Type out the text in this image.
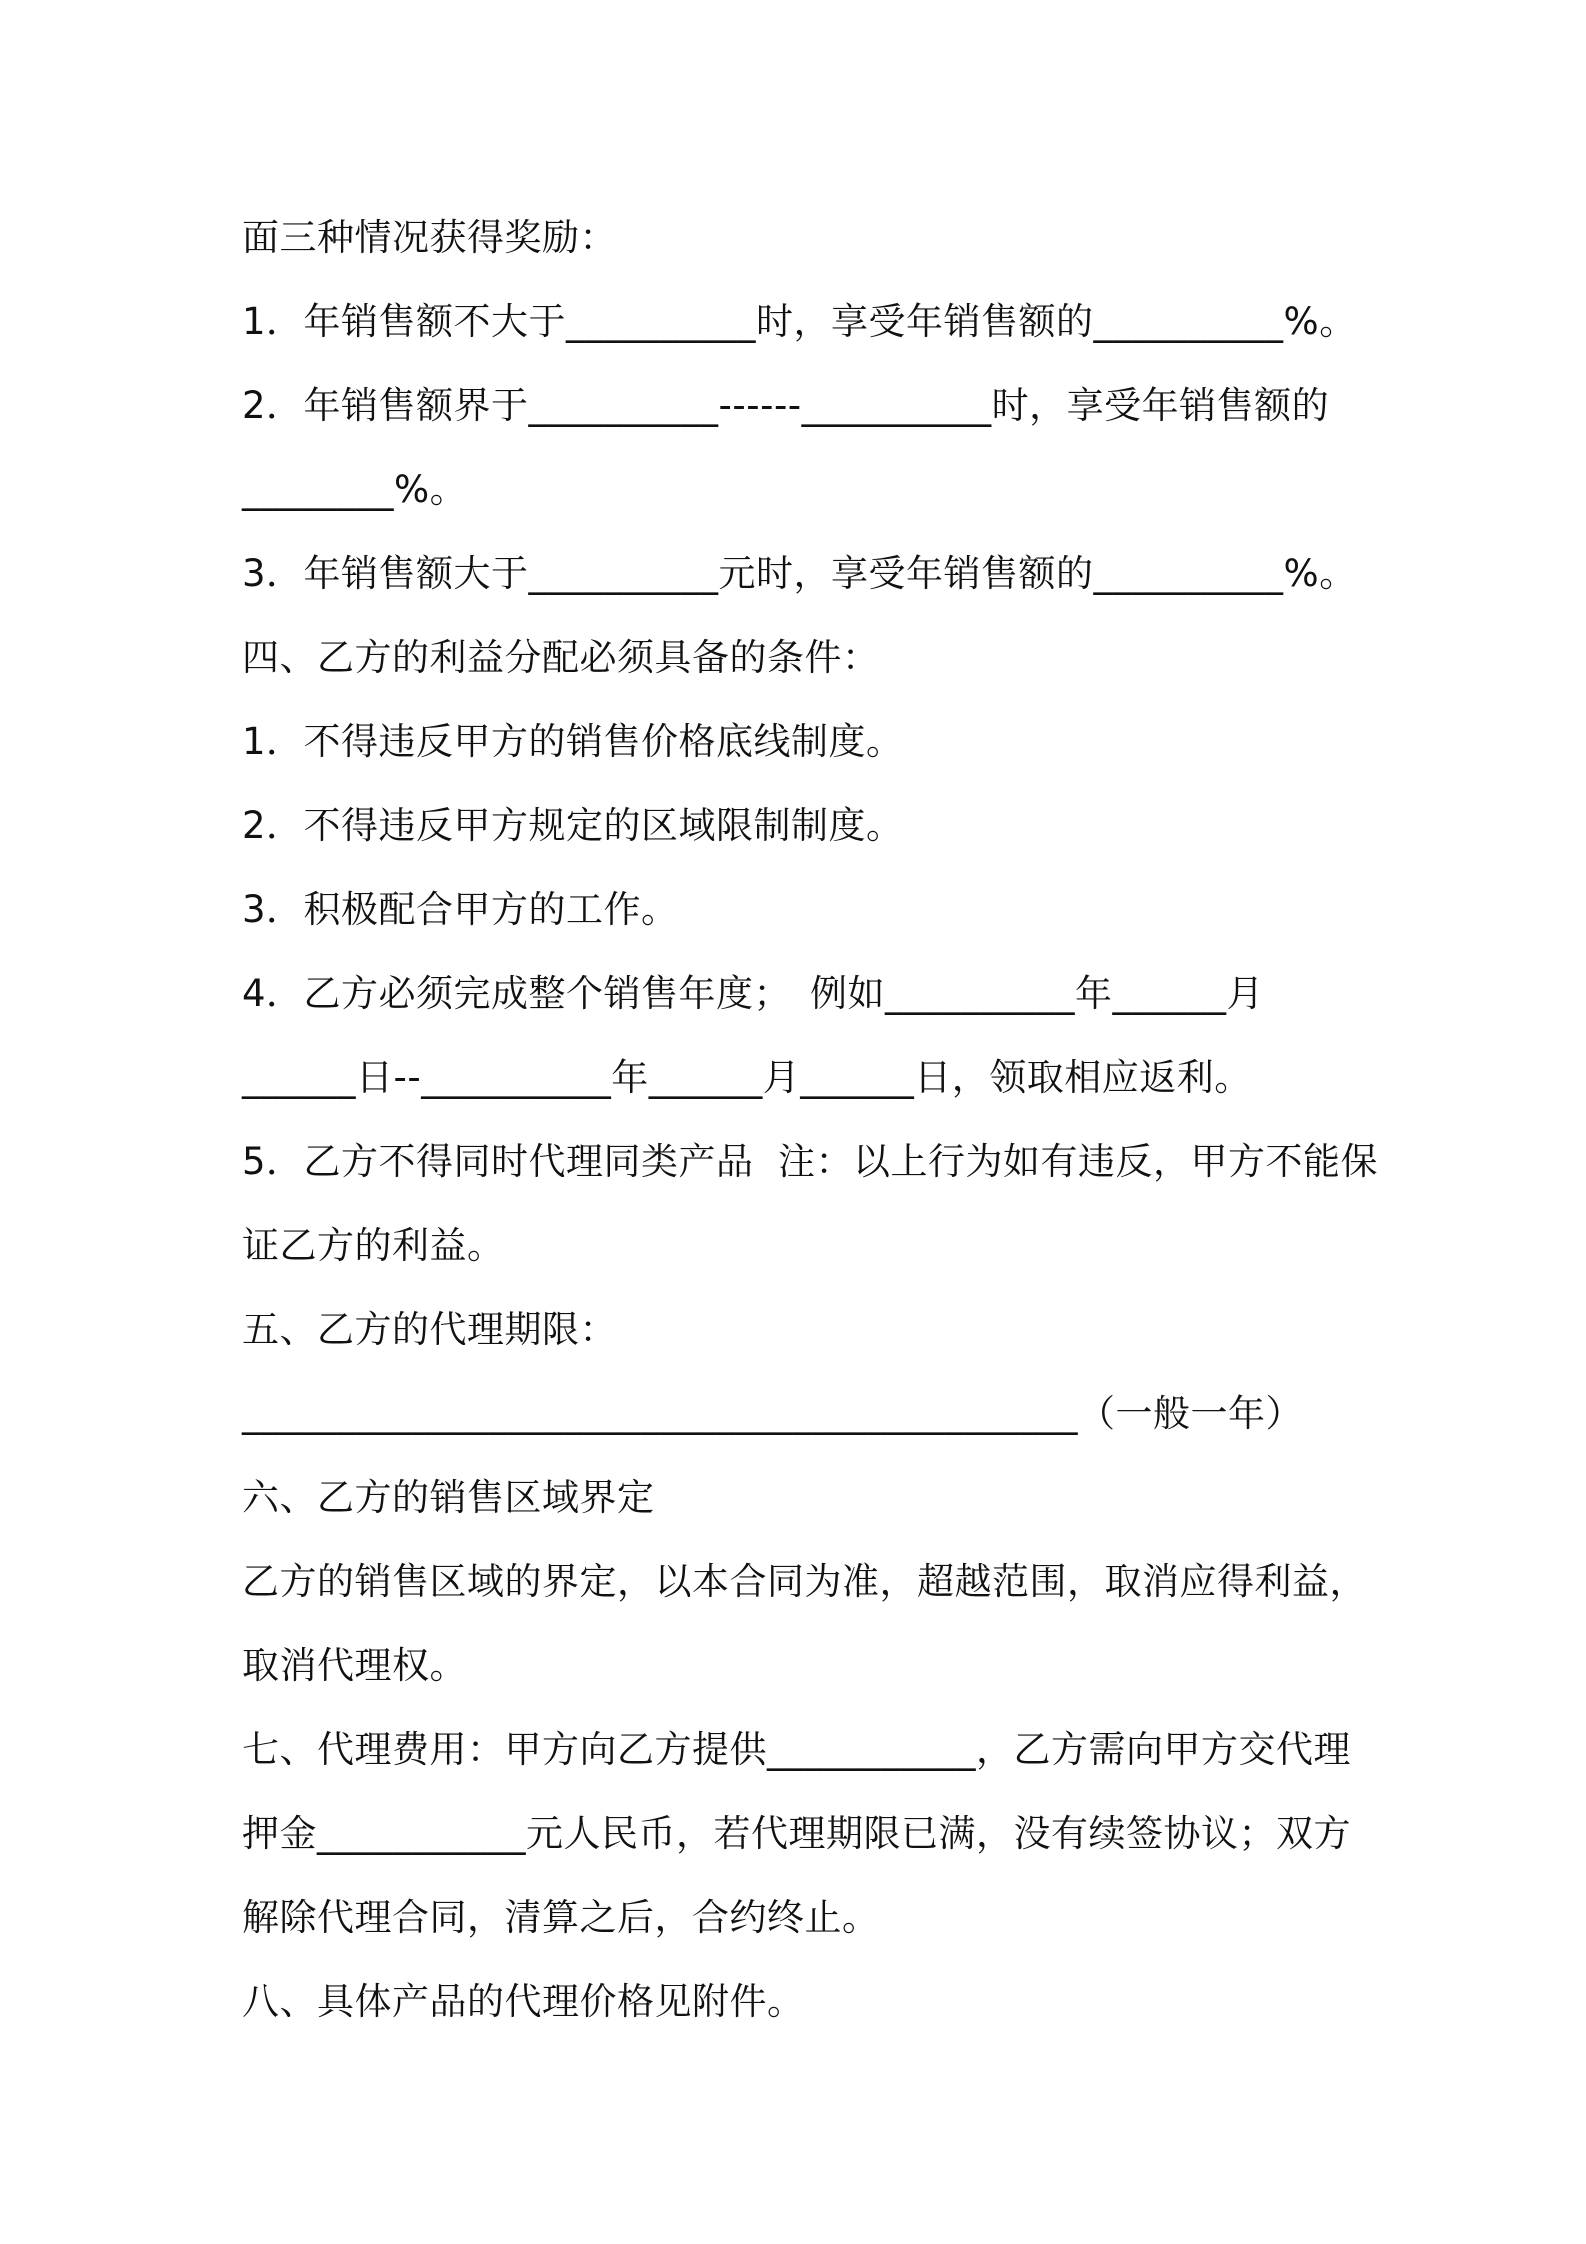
面三种情况获得奖励：
1．年销售额不大于__________时，享受年销售额的__________%。
2．年销售额界于__________------__________时，享受年销售额的
________%。
3．年销售额大于__________元时，享受年销售额的__________%。
四、乙方的利益分配必须具备的条件：
1．不得违反甲方的销售价格底线制度。
2．不得违反甲方规定的区域限制制度。
3．积极配合甲方的工作。
4．乙方必须完成整个销售年度；　例如__________年______月
______日--__________年______月______日，领取相应返利。
5．乙方不得同时代理同类产品  注：以上行为如有违反，甲方不能保
证乙方的利益。
五、乙方的代理期限：
____________________________________________（一般一年）
六、乙方的销售区域界定
乙方的销售区域的界定，以本合同为准，超越范围，取消应得利益，
取消代理权。
七、代理费用：甲方向乙方提供___________，乙方需向甲方交代理
押金___________元人民币，若代理期限已满，没有续签协议；双方
解除代理合同，清算之后，合约终止。
八、具体产品的代理价格见附件。
